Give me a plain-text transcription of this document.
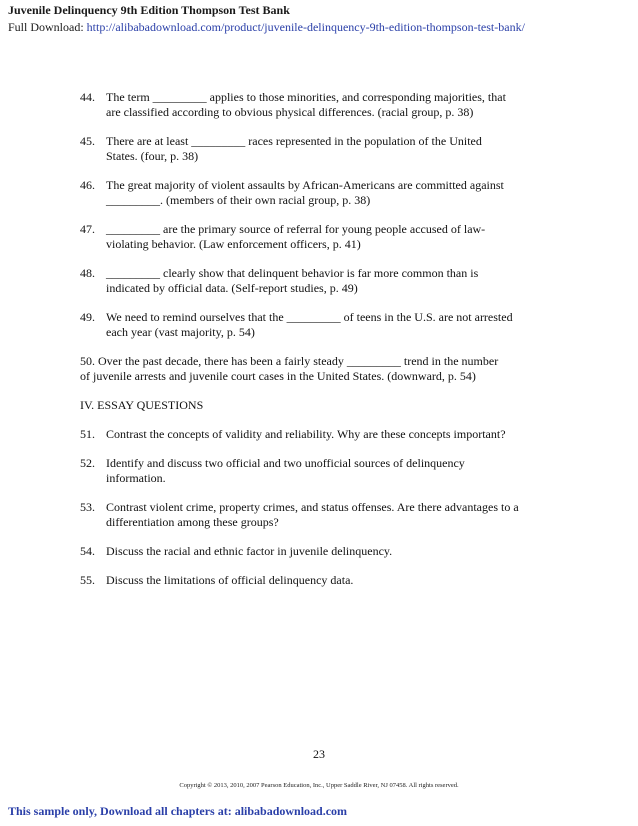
Juvenile Delinquency 9th Edition Thompson Test Bank
Full Download: http://alibabadownload.com/product/juvenile-delinquency-9th-edition-thompson-test-bank/
44. The term _________ applies to those minorities, and corresponding majorities, that
are classified according to obvious physical differences. (racial group, p. 38)
45. There are at least _________ races represented in the population of the United
States. (four, p. 38)
46. The great majority of violent assaults by African-Americans are committed against
_________. (members of their own racial group, p. 38)
47. _________ are the primary source of referral for young people accused of law-
violating behavior. (Law enforcement officers, p. 41)
48. _________ clearly show that delinquent behavior is far more common than is
indicated by official data. (Self-report studies, p. 49)
49. We need to remind ourselves that the _________ of teens in the U.S. are not arrested
each year (vast majority, p. 54)
50. Over the past decade, there has been a fairly steady _________ trend in the number
of juvenile arrests and juvenile court cases in the United States. (downward, p. 54)
IV. ESSAY QUESTIONS
51. Contrast the concepts of validity and reliability. Why are these concepts important?
52. Identify and discuss two official and two unofficial sources of delinquency
information.
53. Contrast violent crime, property crimes, and status offenses. Are there advantages to a
differentiation among these groups?
54. Discuss the racial and ethnic factor in juvenile delinquency.
55. Discuss the limitations of official delinquency data.
23
Copyright © 2013, 2010, 2007 Pearson Education, Inc., Upper Saddle River, NJ 07458. All rights reserved.
This sample only, Download all chapters at: alibabadownload.com
